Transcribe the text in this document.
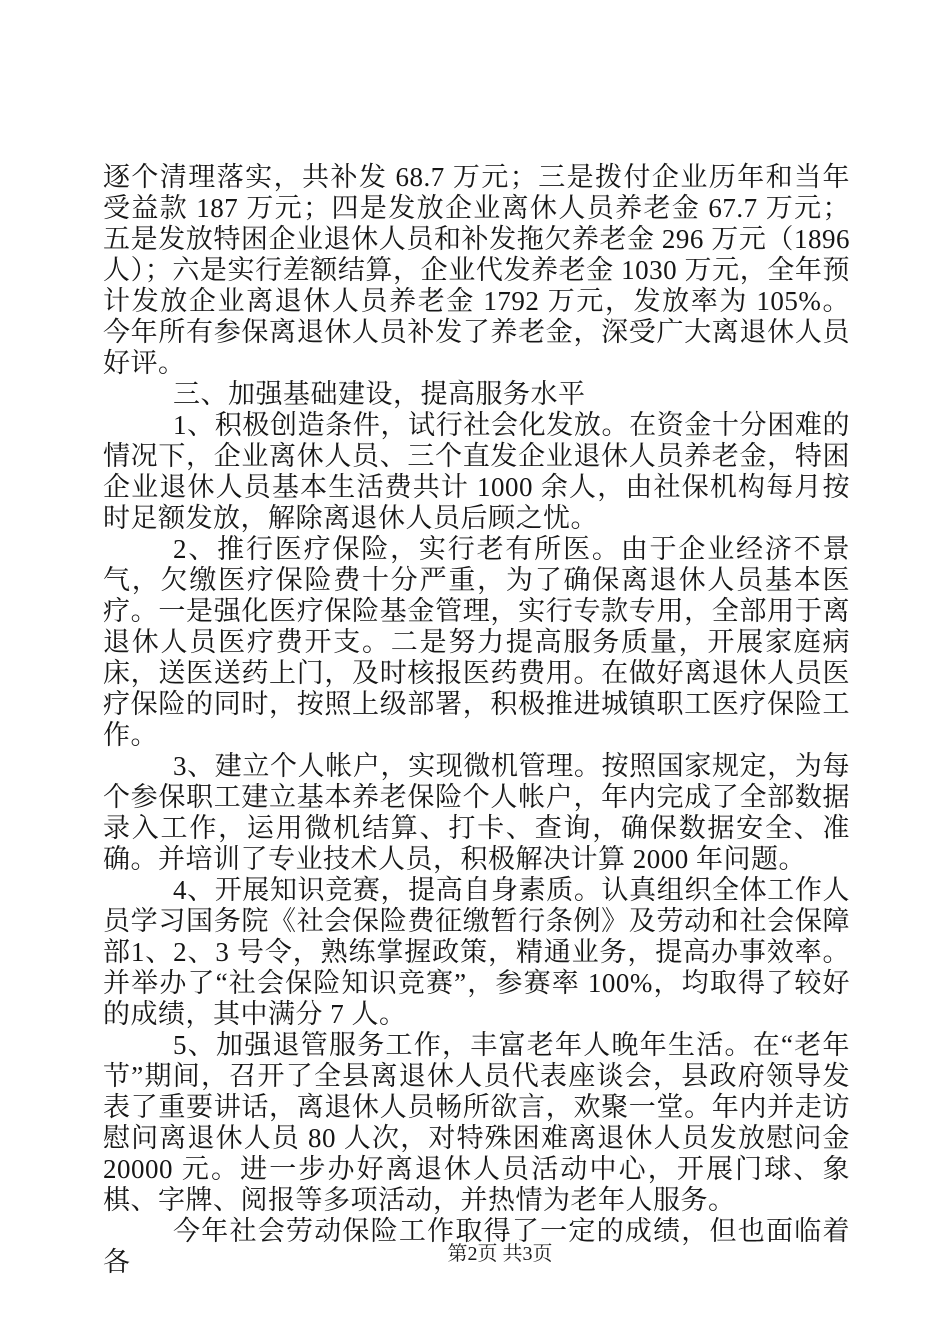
逐个清理落实，共补发 68.7 万元；三是拨付企业历年和当年受益款 187 万元；四是发放企业离休人员养老金 67.7 万元；五是发放特困企业退休人员和补发拖欠养老金 296 万元（1896 人）；六是实行差额结算，企业代发养老金 1030 万元，全年预计发放企业离退休人员养老金 1792 万元，发放率为 105%。今年所有参保离退休人员补发了养老金，深受广大离退休人员好评。

三、加强基础建设，提高服务水平

1、积极创造条件，试行社会化发放。在资金十分困难的情况下，企业离休人员、三个直发企业退休人员养老金，特困企业退休人员基本生活费共计 1000 余人，由社保机构每月按时足额发放，解除离退休人员后顾之忧。

2、推行医疗保险，实行老有所医。由于企业经济不景气，欠缴医疗保险费十分严重，为了确保离退休人员基本医疗。一是强化医疗保险基金管理，实行专款专用，全部用于离退休人员医疗费开支。二是努力提高服务质量，开展家庭病床，送医送药上门，及时核报医药费用。在做好离退休人员医疗保险的同时，按照上级部署，积极推进城镇职工医疗保险工作。

3、建立个人帐户，实现微机管理。按照国家规定，为每个参保职工建立基本养老保险个人帐户，年内完成了全部数据录入工作，运用微机结算、打卡、查询，确保数据安全、准确。并培训了专业技术人员，积极解决计算 2000 年问题。

4、开展知识竞赛，提高自身素质。认真组织全体工作人员学习国务院《社会保险费征缴暂行条例》及劳动和社会保障部1、2、3 号令，熟练掌握政策，精通业务，提高办事效率。并举办了“社会保险知识竞赛”，参赛率 100%，均取得了较好的成绩，其中满分 7 人。

5、加强退管服务工作，丰富老年人晚年生活。在“老年节”期间，召开了全县离退休人员代表座谈会，县政府领导发表了重要讲话，离退休人员畅所欲言，欢聚一堂。年内并走访慰问离退休人员 80 人次，对特殊困难离退休人员发放慰问金 20000 元。进一步办好离退休人员活动中心，开展门球、象棋、字牌、阅报等多项活动，并热情为老年人服务。

今年社会劳动保险工作取得了一定的成绩，但也面临着各	第2页 共3页
